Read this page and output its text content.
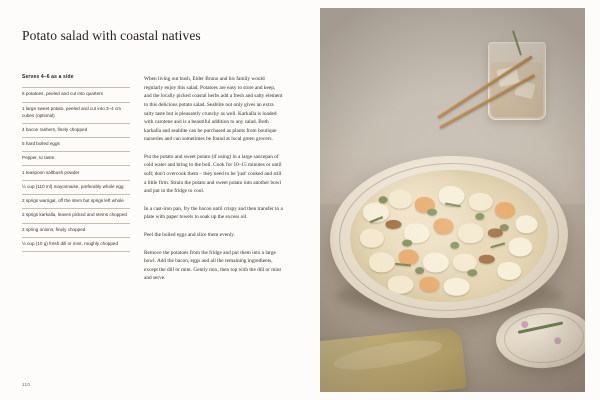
Potato salad with coastal natives
Serves 4–6 as a side
6 potatoes, peeled and cut into quarters
1 large sweet potato, peeled and cut into 3–4 cm cubes (optional)
4 bacon rashers, finely chopped
5 hard boiled eggs
Pepper, to taste
1 teaspoon saltbush powder
½ cup (110 ml) mayonnaise, preferably whole egg
2 sprigs warrigal, off the stem but sprigs left whole
2 sprigs karkalla, leaves picked and stems chopped
2 spring onions, finely chopped
½ cup (10 g) fresh dill or mint, roughly chopped

When living out bush, Elder Bruno and his family would regularly enjoy this salad. Potatoes are easy to store and keep, and the locally picked coastal herbs add a fresh and salty element to this delicious potato salad. Seablite not only gives an extra salty taste but is pleasantly crunchy as well. Karkalla is loaded with carotene and is a beautiful addition to any salad. Both karkalla and seablite can be purchased as plants from boutique nurseries and can sometimes be found at local green grocers.

Put the potato and sweet potato (if using) in a large saucepan of cold water and bring to the boil. Cook for 10–15 minutes or until soft; don't overcook them – they need to be 'just' cooked and still a little firm. Strain the potato and sweet potato into another bowl and put in the fridge to cool.

In a cast-iron pan, fry the bacon until crispy and then transfer to a plate with paper towels to soak up the excess oil.

Peel the boiled eggs and slice them evenly.

Remove the potatoes from the fridge and put them into a large bowl. Add the bacon, eggs and all the remaining ingredients, except the dill or mint. Gently mix, then top with the dill or mint and serve.

110
